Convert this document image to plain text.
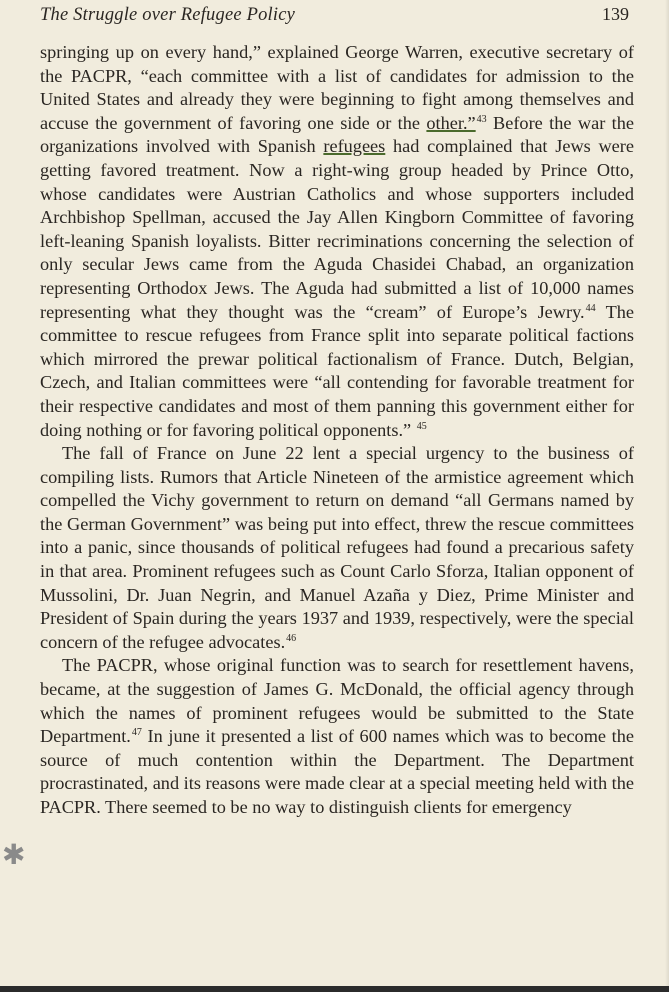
The Struggle over Refugee Policy	139

springing up on every hand,” explained George Warren, executive secretary of the PACPR, “each committee with a list of candidates for admission to the United States and already they were beginning to fight among themselves and accuse the government of favoring one side or the other.”$^{43}$ Before the war the organizations involved with Spanish refugees had complained that Jews were getting favored treatment. Now a right-wing group headed by Prince Otto, whose candidates were Austrian Catholics and whose supporters included Archbishop Spellman, accused the Jay Allen Kingborn Committee of favoring left-leaning Spanish loyalists. Bitter recriminations concerning the selection of only secular Jews came from the Aguda Chasidei Chabad, an organization representing Orthodox Jews. The Aguda had submitted a list of 10,000 names representing what they thought was the “cream” of Europe’s Jewry.$^{44}$ The committee to rescue refugees from France split into separate political factions which mirrored the prewar political factionalism of France. Dutch, Belgian, Czech, and Italian committees were “all contending for favorable treatment for their respective candidates and most of them panning this government either for doing nothing or for favoring political opponents.” $^{45}$

The fall of France on June 22 lent a special urgency to the business of compiling lists. Rumors that Article Nineteen of the armistice agreement which compelled the Vichy government to return on demand “all Germans named by the German Government” was being put into effect, threw the rescue committees into a panic, since thousands of political refugees had found a precarious safety in that area. Prominent refugees such as Count Carlo Sforza, Italian opponent of Mussolini, Dr. Juan Negrin, and Manuel Azaña y Diez, Prime Minister and President of Spain during the years 1937 and 1939, respectively, were the special concern of the refugee advocates.$^{46}$

The PACPR, whose original function was to search for resettlement havens, became, at the suggestion of James G. McDonald, the official agency through which the names of prominent refugees would be submitted to the State Department.$^{47}$ In june it presented a list of 600 names which was to become the source of much contention within the Department. The Department procrastinated, and its reasons were made clear at a special meeting held with the PACPR. There seemed to be no way to distinguish clients for emergency

✱
